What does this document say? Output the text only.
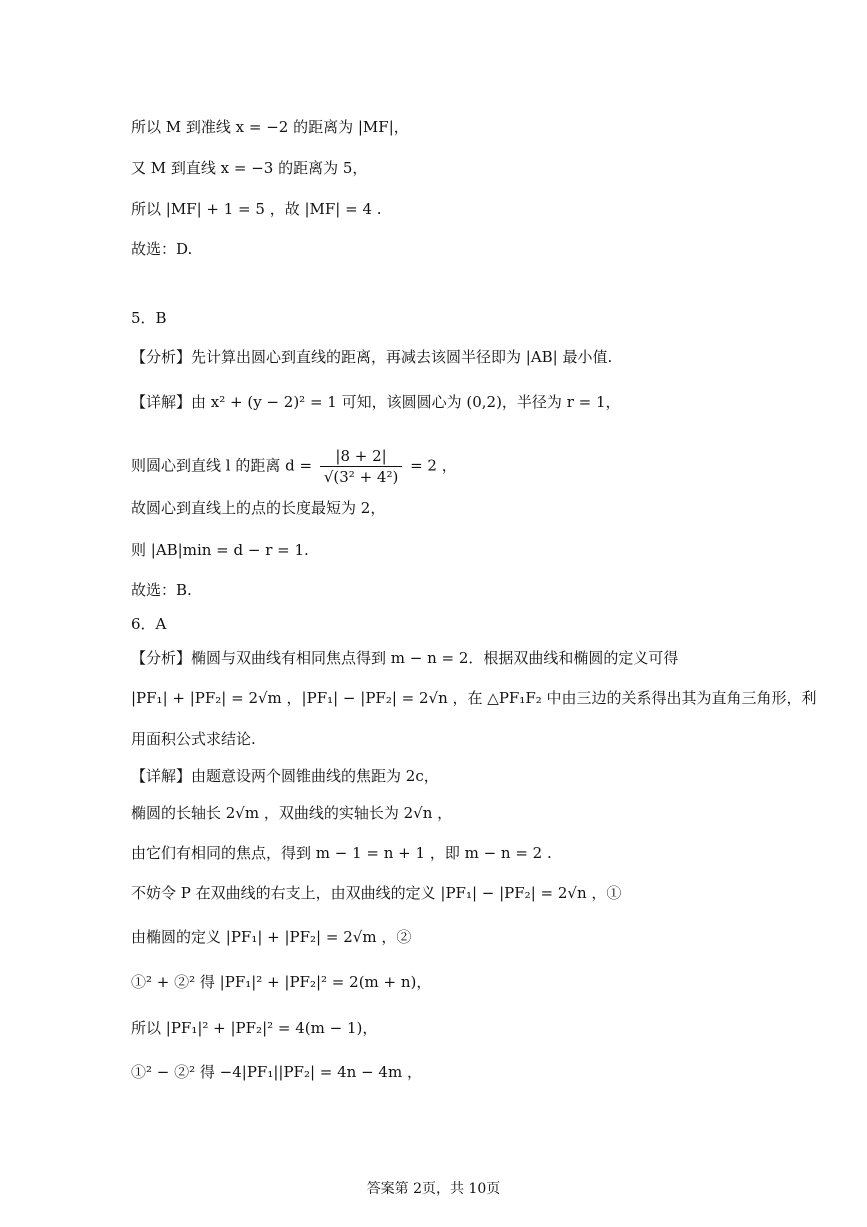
所以 M 到准线 x = −2 的距离为 |MF|，
又 M 到直线 x = −3 的距离为 5，
所以 |MF| + 1 = 5 ，故 |MF| = 4 .
故选：D.
5．B
【分析】先计算出圆心到直线的距离，再减去该圆半径即为 |AB| 最小值.
【详解】由 x² + (y − 2)² = 1 可知，该圆圆心为 (0,2)，半径为 r = 1，
故圆心到直线上的点的长度最短为 2，
则 |AB|min = d − r = 1.
故选：B.
6．A
【分析】椭圆与双曲线有相同焦点得到 m − n = 2．根据双曲线和椭圆的定义可得
|PF₁| + |PF₂| = 2√m ，|PF₁| − |PF₂| = 2√n ，在 △PF₁F₂ 中由三边的关系得出其为直角三角形，利
用面积公式求结论.
【详解】由题意设两个圆锥曲线的焦距为 2c，
椭圆的长轴长 2√m ，双曲线的实轴长为 2√n ，
由它们有相同的焦点，得到 m − 1 = n + 1 ，即 m − n = 2 .
不妨令 P 在双曲线的右支上，由双曲线的定义 |PF₁| − |PF₂| = 2√n ，①
由椭圆的定义 |PF₁| + |PF₂| = 2√m ，②
①² + ②² 得 |PF₁|² + |PF₂|² = 2(m + n)，
所以 |PF₁|² + |PF₂|² = 4(m − 1)，
①² − ②² 得 −4|PF₁||PF₂| = 4n − 4m ，
则圆心到直线 l 的距离 $d = \frac{|8 + 2|}{\text{√(3² + 4²)}} = 2$ ，
答案第 2页，共 10页
